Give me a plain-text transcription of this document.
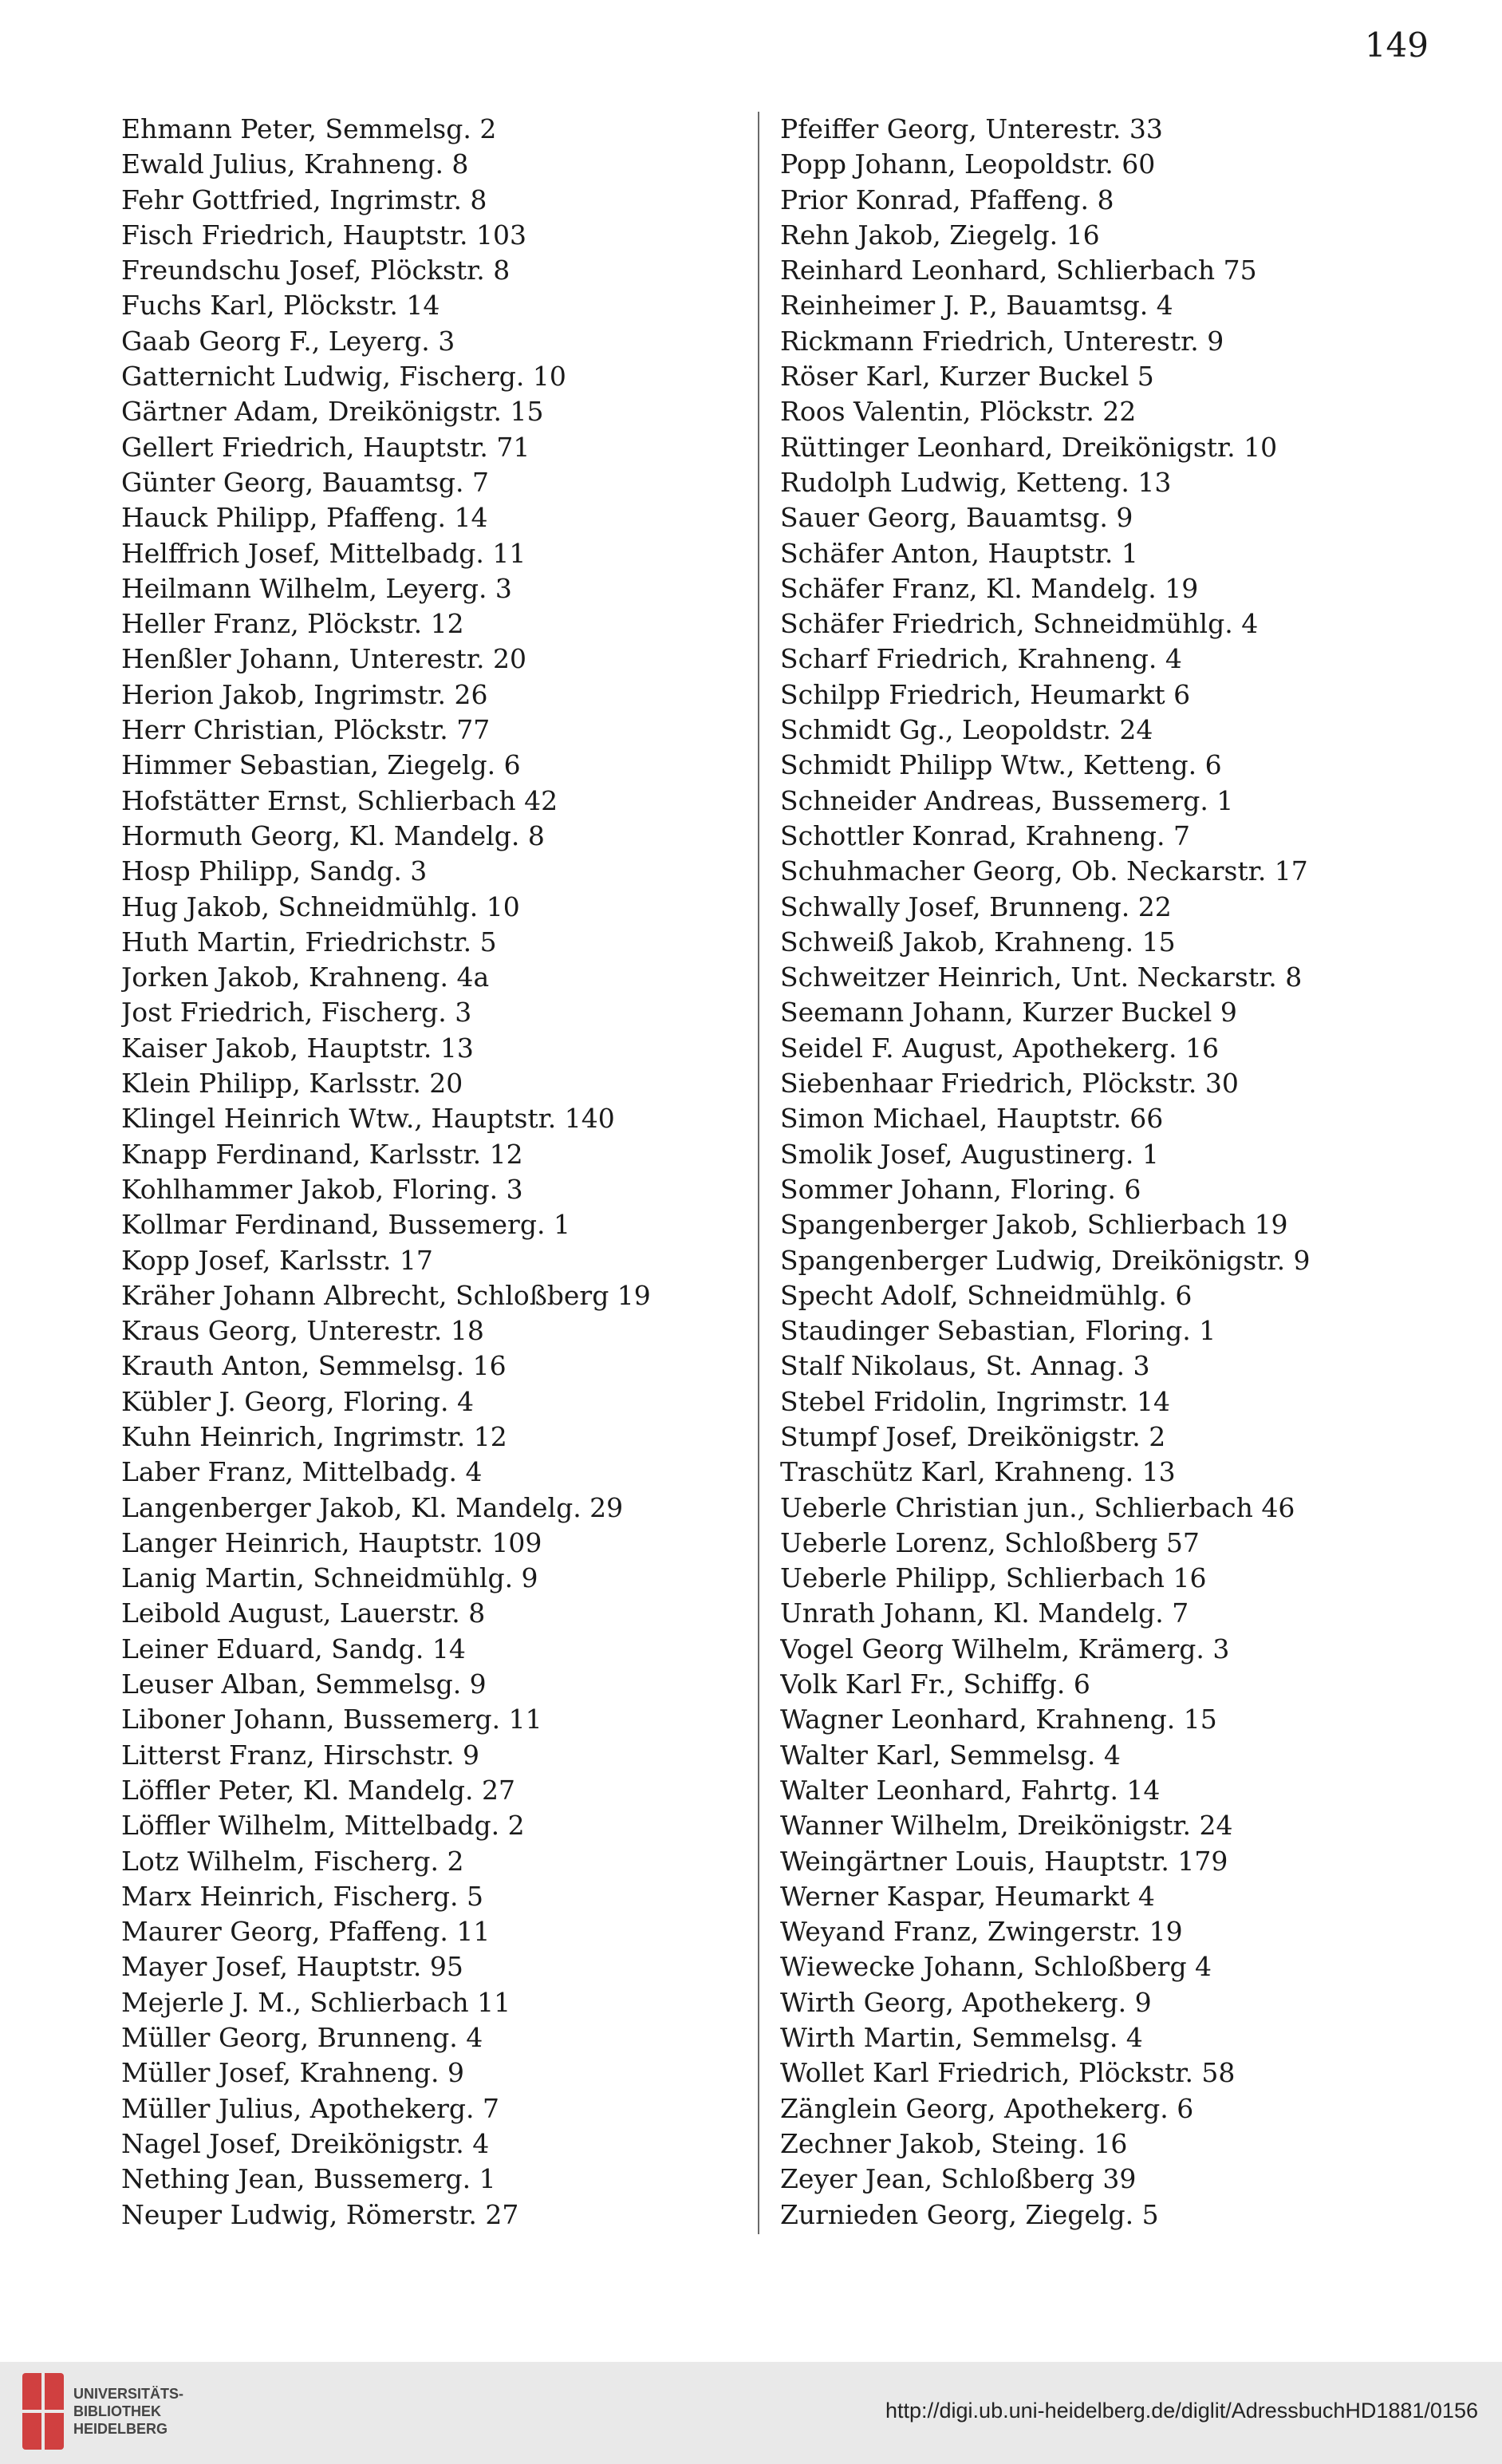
149
Ehmann Peter, Semmelsg. 2
Ewald Julius, Krahneng. 8
Fehr Gottfried, Ingrimstr. 8
Fisch Friedrich, Hauptstr. 103
Freundschu Josef, Plöckstr. 8
Fuchs Karl, Plöckstr. 14
Gaab Georg F., Leyerg. 3
Gatternicht Ludwig, Fischerg. 10
Gärtner Adam, Dreikönigstr. 15
Gellert Friedrich, Hauptstr. 71
Günter Georg, Bauamtsg. 7
Hauck Philipp, Pfaffeng. 14
Helffrich Josef, Mittelbadg. 11
Heilmann Wilhelm, Leyerg. 3
Heller Franz, Plöckstr. 12
Henßler Johann, Unterestr. 20
Herion Jakob, Ingrimstr. 26
Herr Christian, Plöckstr. 77
Himmer Sebastian, Ziegelg. 6
Hofstätter Ernst, Schlierbach 42
Hormuth Georg, Kl. Mandelg. 8
Hosp Philipp, Sandg. 3
Hug Jakob, Schneidmühlg. 10
Huth Martin, Friedrichstr. 5
Jorken Jakob, Krahneng. 4a
Jost Friedrich, Fischerg. 3
Kaiser Jakob, Hauptstr. 13
Klein Philipp, Karlsstr. 20
Klingel Heinrich Wtw., Hauptstr. 140
Knapp Ferdinand, Karlsstr. 12
Kohlhammer Jakob, Floring. 3
Kollmar Ferdinand, Bussemerg. 1
Kopp Josef, Karlsstr. 17
Kräher Johann Albrecht, Schloßberg 19
Kraus Georg, Unterestr. 18
Krauth Anton, Semmelsg. 16
Kübler J. Georg, Floring. 4
Kuhn Heinrich, Ingrimstr. 12
Laber Franz, Mittelbadg. 4
Langenberger Jakob, Kl. Mandelg. 29
Langer Heinrich, Hauptstr. 109
Lanig Martin, Schneidmühlg. 9
Leibold August, Lauerstr. 8
Leiner Eduard, Sandg. 14
Leuser Alban, Semmelsg. 9
Liboner Johann, Bussemerg. 11
Litterst Franz, Hirschstr. 9
Löffler Peter, Kl. Mandelg. 27
Löffler Wilhelm, Mittelbadg. 2
Lotz Wilhelm, Fischerg. 2
Marx Heinrich, Fischerg. 5
Maurer Georg, Pfaffeng. 11
Mayer Josef, Hauptstr. 95
Mejerle J. M., Schlierbach 11
Müller Georg, Brunneng. 4
Müller Josef, Krahneng. 9
Müller Julius, Apothekerg. 7
Nagel Josef, Dreikönigstr. 4
Nething Jean, Bussemerg. 1
Neuper Ludwig, Römerstr. 27
Pfeiffer Georg, Unterestr. 33
Popp Johann, Leopoldstr. 60
Prior Konrad, Pfaffeng. 8
Rehn Jakob, Ziegelg. 16
Reinhard Leonhard, Schlierbach 75
Reinheimer J. P., Bauamtsg. 4
Rickmann Friedrich, Unterestr. 9
Röser Karl, Kurzer Buckel 5
Roos Valentin, Plöckstr. 22
Rüttinger Leonhard, Dreikönigstr. 10
Rudolph Ludwig, Ketteng. 13
Sauer Georg, Bauamtsg. 9
Schäfer Anton, Hauptstr. 1
Schäfer Franz, Kl. Mandelg. 19
Schäfer Friedrich, Schneidmühlg. 4
Scharf Friedrich, Krahneng. 4
Schilpp Friedrich, Heumarkt 6
Schmidt Gg., Leopoldstr. 24
Schmidt Philipp Wtw., Ketteng. 6
Schneider Andreas, Bussemerg. 1
Schottler Konrad, Krahneng. 7
Schuhmacher Georg, Ob. Neckarstr. 17
Schwally Josef, Brunneng. 22
Schweiß Jakob, Krahneng. 15
Schweitzer Heinrich, Unt. Neckarstr. 8
Seemann Johann, Kurzer Buckel 9
Seidel F. August, Apothekerg. 16
Siebenhaar Friedrich, Plöckstr. 30
Simon Michael, Hauptstr. 66
Smolik Josef, Augustinerg. 1
Sommer Johann, Floring. 6
Spangenberger Jakob, Schlierbach 19
Spangenberger Ludwig, Dreikönigstr. 9
Specht Adolf, Schneidmühlg. 6
Staudinger Sebastian, Floring. 1
Stalf Nikolaus, St. Annag. 3
Stebel Fridolin, Ingrimstr. 14
Stumpf Josef, Dreikönigstr. 2
Traschütz Karl, Krahneng. 13
Ueberle Christian jun., Schlierbach 46
Ueberle Lorenz, Schloßberg 57
Ueberle Philipp, Schlierbach 16
Unrath Johann, Kl. Mandelg. 7
Vogel Georg Wilhelm, Krämerg. 3
Volk Karl Fr., Schiffg. 6
Wagner Leonhard, Krahneng. 15
Walter Karl, Semmelsg. 4
Walter Leonhard, Fahrtg. 14
Wanner Wilhelm, Dreikönigstr. 24
Weingärtner Louis, Hauptstr. 179
Werner Kaspar, Heumarkt 4
Weyand Franz, Zwingerstr. 19
Wiewecke Johann, Schloßberg 4
Wirth Georg, Apothekerg. 9
Wirth Martin, Semmelsg. 4
Wollet Karl Friedrich, Plöckstr. 58
Zänglein Georg, Apothekerg. 6
Zechner Jakob, Steing. 16
Zeyer Jean, Schloßberg 39
Zurnieden Georg, Ziegelg. 5
UNIVERSITÄTS-
BIBLIOTHEK
HEIDELBERG
http://digi.ub.uni-heidelberg.de/diglit/AdressbuchHD1881/0156
